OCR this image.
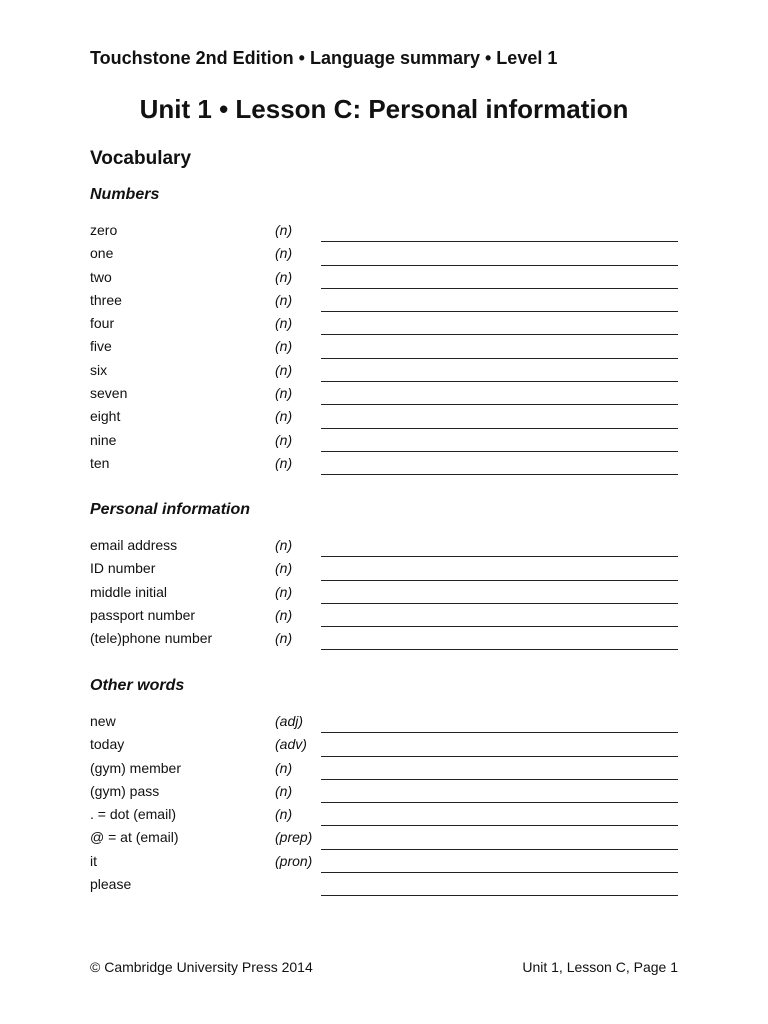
Touchstone 2nd Edition • Language summary • Level 1
Unit 1 • Lesson C: Personal information
Vocabulary
Numbers
zero	(n)
one	(n)
two	(n)
three	(n)
four	(n)
five	(n)
six	(n)
seven	(n)
eight	(n)
nine	(n)
ten	(n)
Personal information
email address	(n)
ID number	(n)
middle initial	(n)
passport number	(n)
(tele)phone number	(n)
Other words
new	(adj)
today	(adv)
(gym) member	(n)
(gym) pass	(n)
. = dot (email)	(n)
@ = at (email)	(prep)
it	(pron)
please
© Cambridge University Press 2014	Unit 1, Lesson C, Page 1
